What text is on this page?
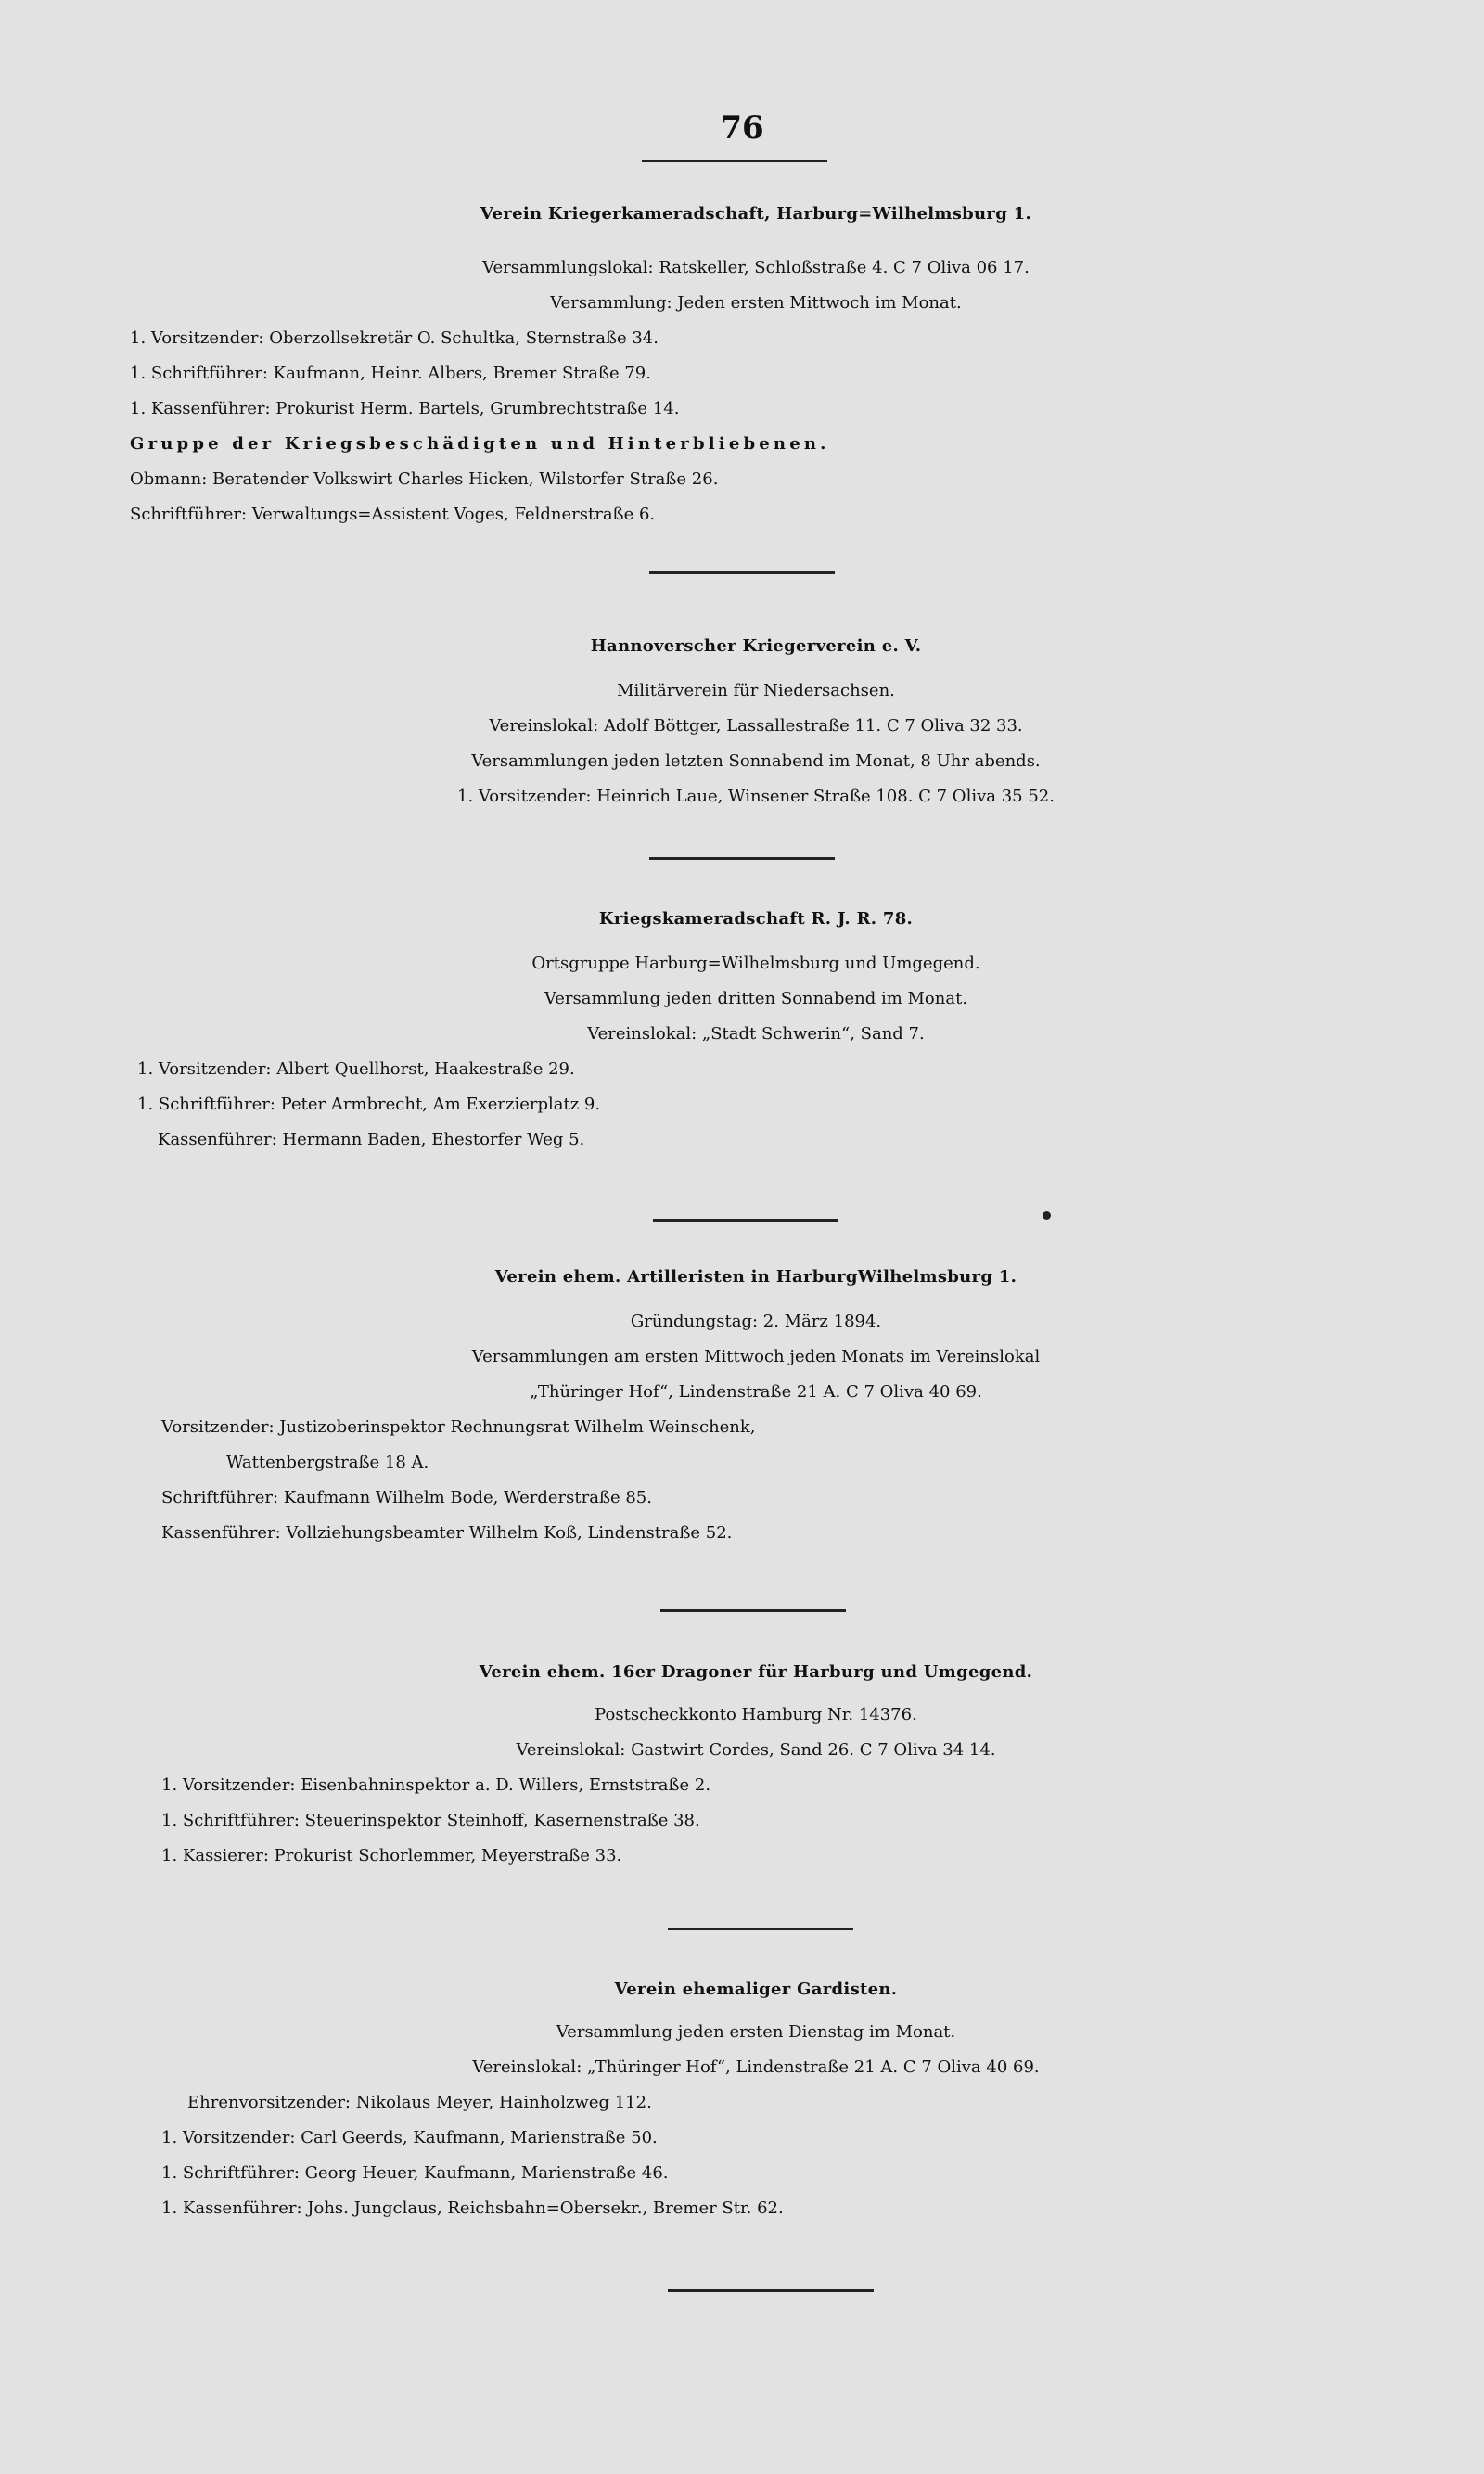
76
Verein Kriegerkameradschaft, Harburg=Wilhelmsburg 1.
Versammlungslokal: Ratskeller, Schloßstraße 4. C 7 Oliva 06 17.
Versammlung: Jeden ersten Mittwoch im Monat.
1. Vorsitzender: Oberzollsekretär O. Schultka, Sternstraße 34.
1. Schriftführer: Kaufmann, Heinr. Albers, Bremer Straße 79.
1. Kassenführer: Prokurist Herm. Bartels, Grumbrechtstraße 14.
Gruppe der Kriegsbeschädigten und Hinterbliebenen.
Obmann: Beratender Volkswirt Charles Hicken, Wilstorfer Straße 26.
Schriftführer: Verwaltungs=Assistent Voges, Feldnerstraße 6.
Hannoverscher Kriegerverein e. V.
Militärverein für Niedersachsen.
Vereinslokal: Adolf Böttger, Lassallestraße 11. C 7 Oliva 32 33.
Versammlungen jeden letzten Sonnabend im Monat, 8 Uhr abends.
1. Vorsitzender: Heinrich Laue, Winsener Straße 108. C 7 Oliva 35 52.
Kriegskameradschaft R. J. R. 78.
Ortsgruppe Harburg=Wilhelmsburg und Umgegend.
Versammlung jeden dritten Sonnabend im Monat.
Vereinslokal: „Stadt Schwerin“, Sand 7.
1. Vorsitzender: Albert Quellhorst, Haakestraße 29.
1. Schriftführer: Peter Armbrecht, Am Exerzierplatz 9.
Kassenführer: Hermann Baden, Ehestorfer Weg 5.
Verein ehem. Artilleristen in HarburgWilhelmsburg 1.
Gründungstag: 2. März 1894.
Versammlungen am ersten Mittwoch jeden Monats im Vereinslokal
„Thüringer Hof“, Lindenstraße 21 A. C 7 Oliva 40 69.
Vorsitzender: Justizoberinspektor Rechnungsrat Wilhelm Weinschenk,
Wattenbergstraße 18 A.
Schriftführer: Kaufmann Wilhelm Bode, Werderstraße 85.
Kassenführer: Vollziehungsbeamter Wilhelm Koß, Lindenstraße 52.
Verein ehem. 16er Dragoner für Harburg und Umgegend.
Postscheckkonto Hamburg Nr. 14376.
Vereinslokal: Gastwirt Cordes, Sand 26. C 7 Oliva 34 14.
1. Vorsitzender: Eisenbahninspektor a. D. Willers, Ernststraße 2.
1. Schriftführer: Steuerinspektor Steinhoff, Kasernenstraße 38.
1. Kassierer: Prokurist Schorlemmer, Meyerstraße 33.
Verein ehemaliger Gardisten.
Versammlung jeden ersten Dienstag im Monat.
Vereinslokal: „Thüringer Hof“, Lindenstraße 21 A. C 7 Oliva 40 69.
Ehrenvorsitzender: Nikolaus Meyer, Hainholzweg 112.
1. Vorsitzender: Carl Geerds, Kaufmann, Marienstraße 50.
1. Schriftführer: Georg Heuer, Kaufmann, Marienstraße 46.
1. Kassenführer: Johs. Jungclaus, Reichsbahn=Obersekr., Bremer Str. 62.
